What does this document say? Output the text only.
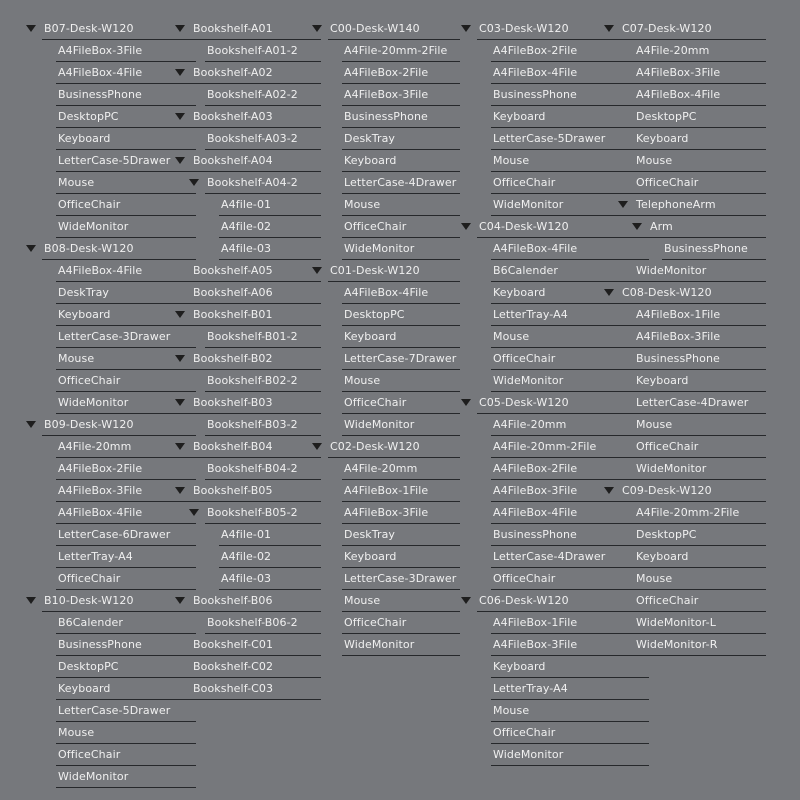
B07-Desk-W120
A4FileBox-3File
A4FileBox-4File
BusinessPhone
DesktopPC
Keyboard
LetterCase-5Drawer
Mouse
OfficeChair
WideMonitor
B08-Desk-W120
A4FileBox-4File
DeskTray
Keyboard
LetterCase-3Drawer
Mouse
OfficeChair
WideMonitor
B09-Desk-W120
A4File-20mm
A4FileBox-2File
A4FileBox-3File
A4FileBox-4File
LetterCase-6Drawer
LetterTray-A4
OfficeChair
B10-Desk-W120
B6Calender
BusinessPhone
DesktopPC
Keyboard
LetterCase-5Drawer
Mouse
OfficeChair
WideMonitor
Bookshelf-A01
Bookshelf-A01-2
Bookshelf-A02
Bookshelf-A02-2
Bookshelf-A03
Bookshelf-A03-2
Bookshelf-A04
Bookshelf-A04-2
A4file-01
A4file-02
A4file-03
Bookshelf-A05
Bookshelf-A06
Bookshelf-B01
Bookshelf-B01-2
Bookshelf-B02
Bookshelf-B02-2
Bookshelf-B03
Bookshelf-B03-2
Bookshelf-B04
Bookshelf-B04-2
Bookshelf-B05
Bookshelf-B05-2
A4file-01
A4file-02
A4file-03
Bookshelf-B06
Bookshelf-B06-2
Bookshelf-C01
Bookshelf-C02
Bookshelf-C03
C00-Desk-W140
A4File-20mm-2File
A4FileBox-2File
A4FileBox-3File
BusinessPhone
DeskTray
Keyboard
LetterCase-4Drawer
Mouse
OfficeChair
WideMonitor
C01-Desk-W120
A4FileBox-4File
DesktopPC
Keyboard
LetterCase-7Drawer
Mouse
OfficeChair
WideMonitor
C02-Desk-W120
A4File-20mm
A4FileBox-1File
A4FileBox-3File
DeskTray
Keyboard
LetterCase-3Drawer
Mouse
OfficeChair
WideMonitor
C03-Desk-W120
A4FileBox-2File
A4FileBox-4File
BusinessPhone
Keyboard
LetterCase-5Drawer
Mouse
OfficeChair
WideMonitor
C04-Desk-W120
A4FileBox-4File
B6Calender
Keyboard
LetterTray-A4
Mouse
OfficeChair
WideMonitor
C05-Desk-W120
A4File-20mm
A4File-20mm-2File
A4FileBox-2File
A4FileBox-3File
A4FileBox-4File
BusinessPhone
LetterCase-4Drawer
OfficeChair
C06-Desk-W120
A4FileBox-1File
A4FileBox-3File
Keyboard
LetterTray-A4
Mouse
OfficeChair
WideMonitor
C07-Desk-W120
A4File-20mm
A4FileBox-3File
A4FileBox-4File
DesktopPC
Keyboard
Mouse
OfficeChair
TelephoneArm
Arm
BusinessPhone
WideMonitor
C08-Desk-W120
A4FileBox-1File
A4FileBox-3File
BusinessPhone
Keyboard
LetterCase-4Drawer
Mouse
OfficeChair
WideMonitor
C09-Desk-W120
A4File-20mm-2File
DesktopPC
Keyboard
Mouse
OfficeChair
WideMonitor-L
WideMonitor-R
